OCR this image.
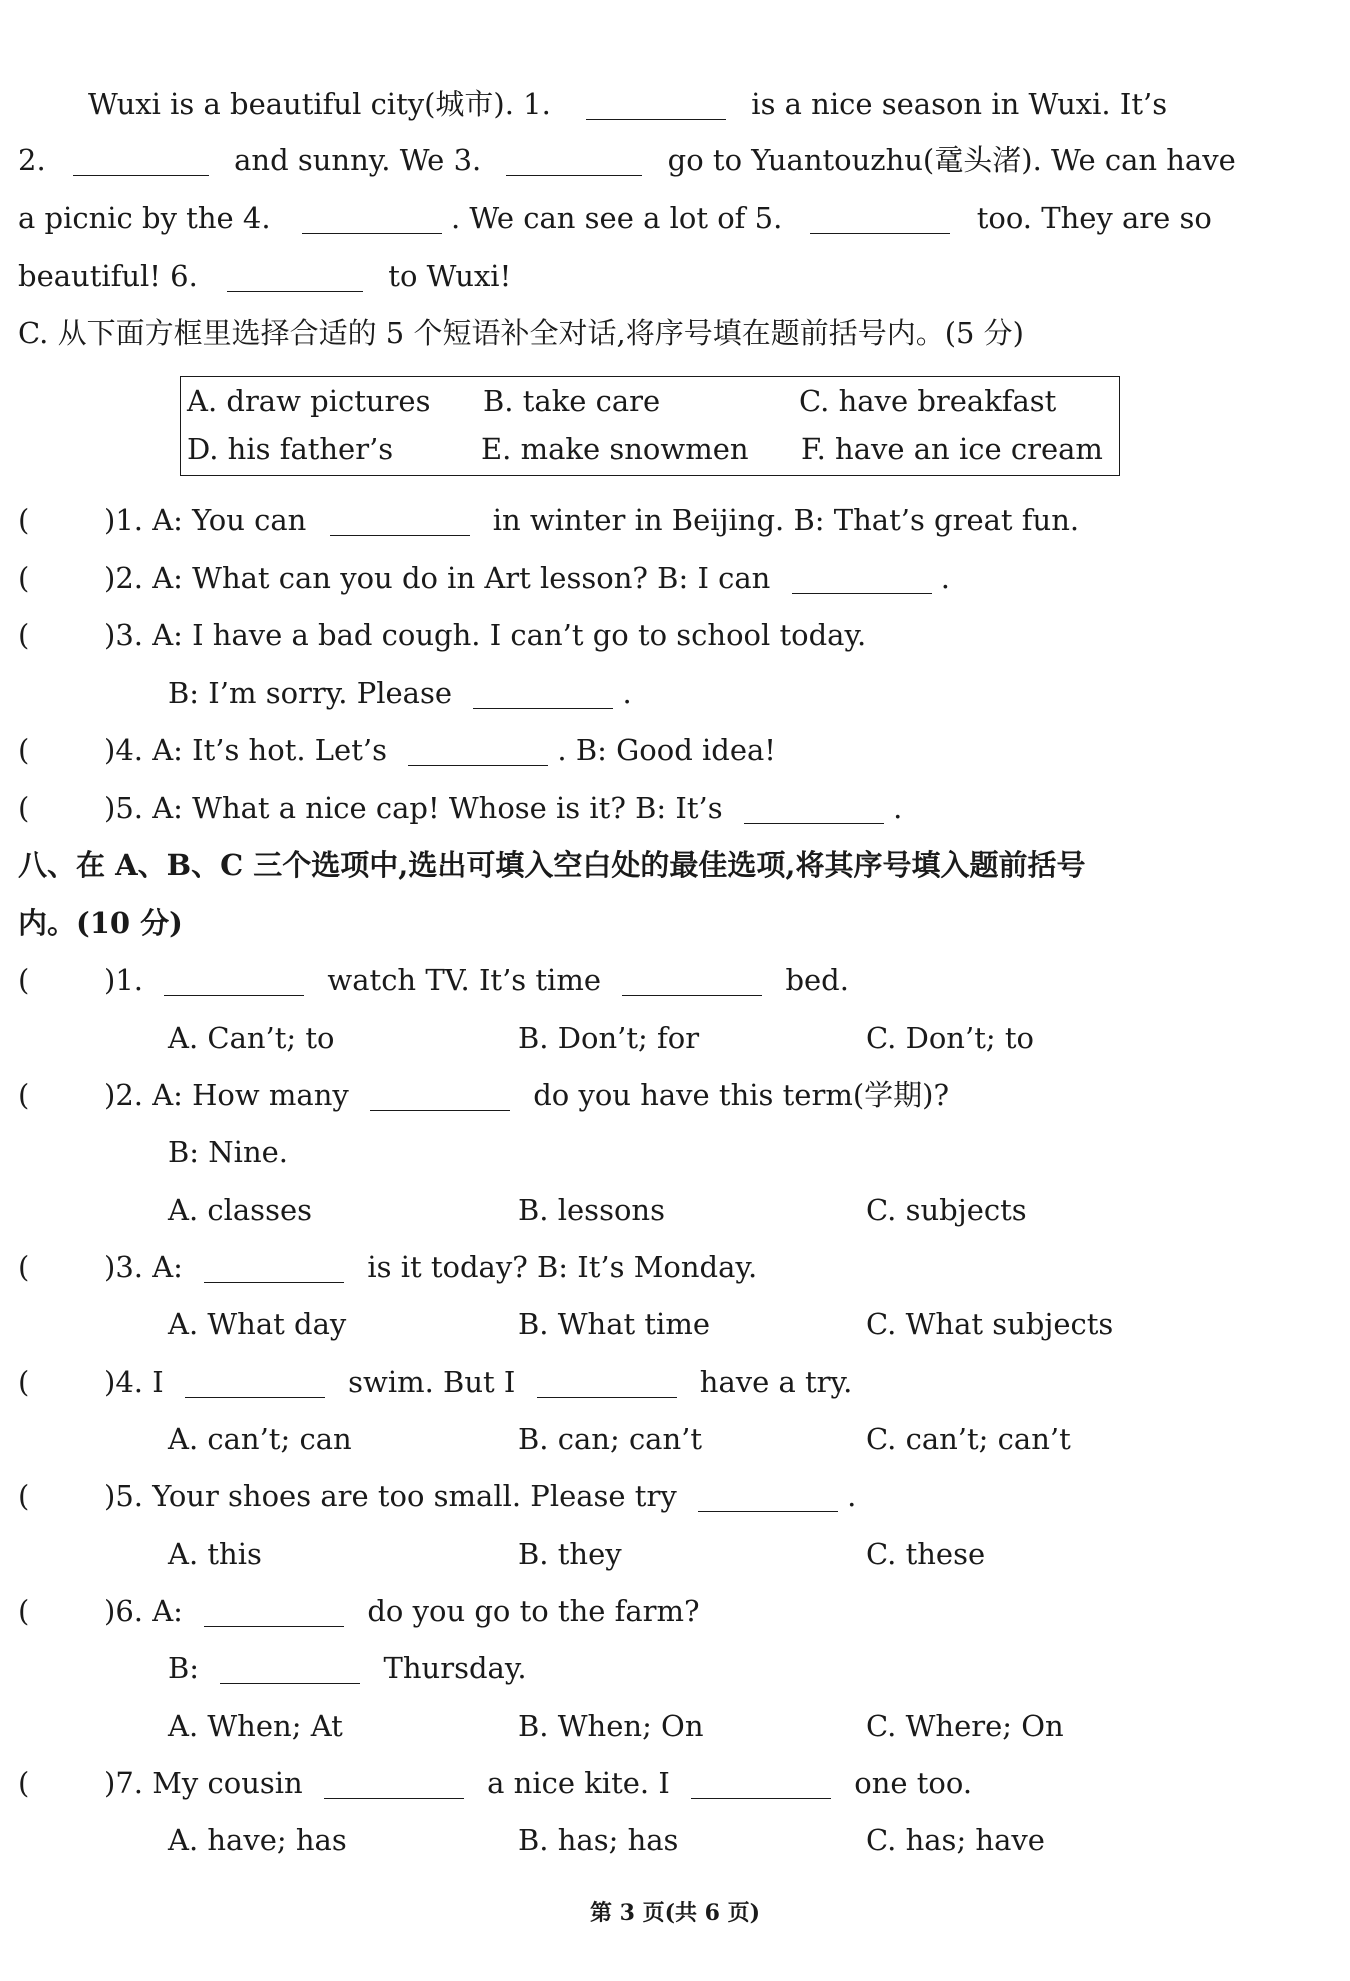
Wuxi is a beautiful city(城市). 1.	is a nice season in Wuxi. It’s
2.	and sunny. We 3.	go to Yuantouzhu(鼋头渚). We can have
a picnic by the 4.	. We can see a lot of 5.	too. They are so
beautiful! 6.	to Wuxi!
C. 从下面方框里选择合适的 5 个短语补全对话,将序号填在题前括号内。(5 分)
A. draw pictures B. take care	C. have breakfast
D. his father’s	E. make snowmen F. have an ice cream
(	)1. A: You can	in winter in Beijing. B: That’s great fun.
(	)2. A: What can you do in Art lesson? B: I can	.
(	)3. A: I have a bad cough. I can’t go to school today.
B: I’m sorry. Please	.
(	)4. A: It’s hot. Let’s	. B: Good idea!
(	)5. A: What a nice cap! Whose is it? B: It’s	.
八、在 A、B、C 三个选项中,选出可填入空白处的最佳选项,将其序号填入题前括号
内。(10 分)
(	)1.	watch TV. It’s time	bed.
A. Can’t; to	B. Don’t; for	C. Don’t; to
(	)2. A: How many	do you have this term(学期)?
B: Nine.
A. classes	B. lessons	C. subjects
(	)3. A:	is it today? B: It’s Monday.
A. What day	B. What time	C. What subjects
(	)4. I	swim. But I	have a try.
A. can’t; can	B. can; can’t	C. can’t; can’t
(	)5. Your shoes are too small. Please try	.
A. this	B. they	C. these
(	)6. A:	do you go to the farm?
B:	Thursday.
A. When; At	B. When; On	C. Where; On
(	)7. My cousin	a nice kite. I	one too.
A. have; has	B. has; has	C. has; have
第 3 页(共 6 页)
